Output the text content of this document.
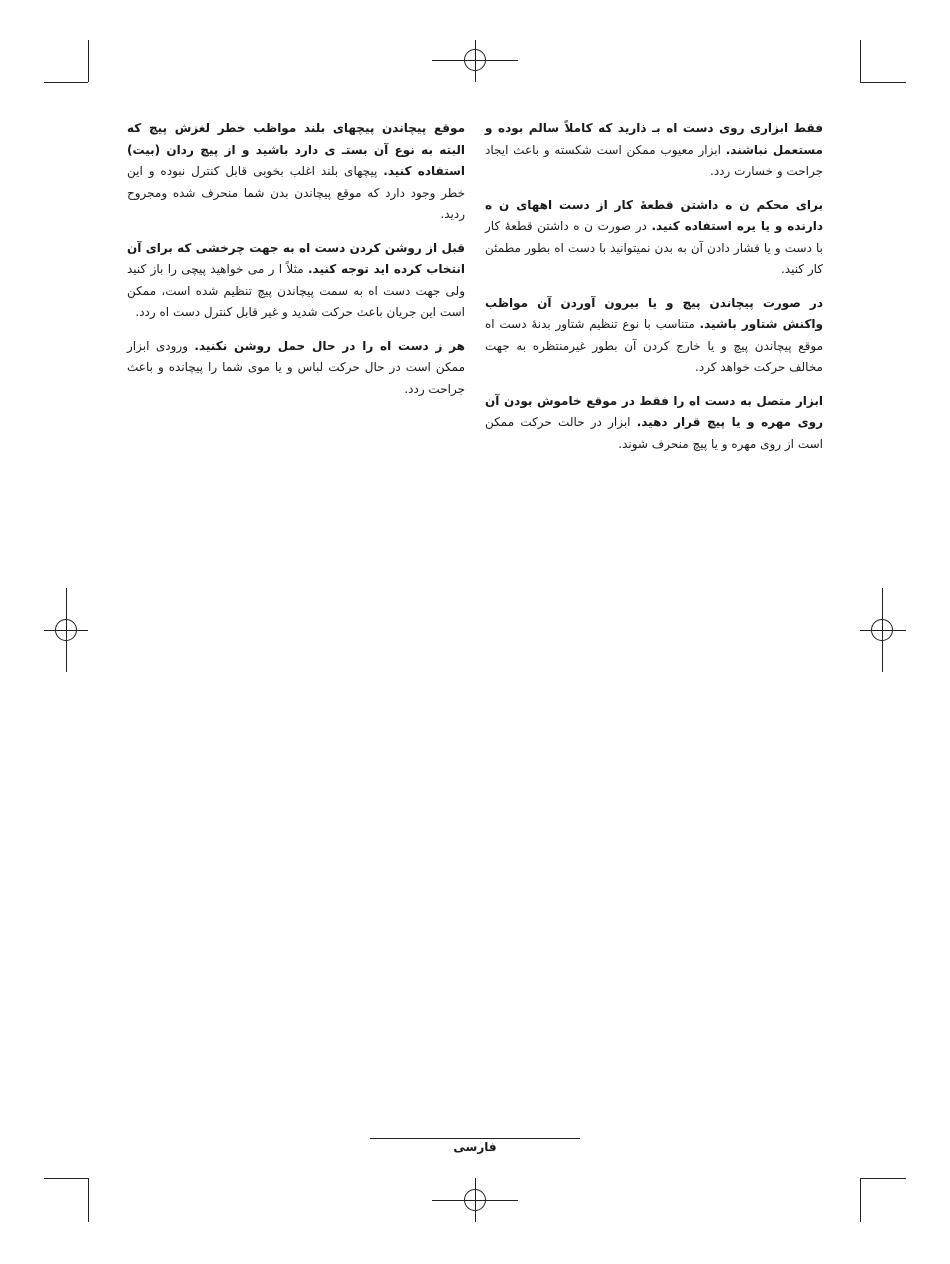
فقط ابزاری روی دست اه بـ ذارید که کاملاً سالم بوده و مستعمل نباشند. ابزار معیوب ممکن است شکسته و باعث ایجاد جراحت و خسارت ردد.

برای محکم ن ه داشتن قطعهٔ کار از دست اههای ن ه دارنده و یا یره استفاده کنید. در صورت ن ه داشتن قطعهٔ کار با دست و یا فشار دادن آن به بدن نمیتوانید با دست اه بطور مطمئن کار کنید.

در صورت پیچاندن پیچ و یا بیرون آوردن آن مواظب واکنش شتاور باشید. متناسب با نوع تنظیم شتاور بدنهٔ دست اه موقع پیچاندن پیچ و یا خارج کردن آن بطور غیرمنتظره به جهت مخالف حرکت خواهد کرد.

ابزار متصل به دست اه را فقط در موقع خاموش بودن آن روی مهره و یا پیچ قرار دهید. ابزار در حالت حرکت ممکن است از روی مهره و یا پیچ منحرف شوند.

موقع پیچاندن پیچهای بلند مواظب خطر لغزش پیچ که البته به نوع آن بستـ ی دارد باشید و از پیچ ردان (بیت) استفاده کنید. پیچهای بلند اغلب بخوبی قابل کنترل نبوده و این خطر وجود دارد که موقع پیچاندن بدن شما منحرف شده ومجروح ردید.

قبل از روشن کردن دست اه به جهت چرخشی که برای آن انتخاب کرده اید توجه کنید. مثلاً ا ر می خواهید پیچی را باز کنید ولی جهت دست اه به سمت پیچاندن پیچ تنظیم شده است، ممکن است این جریان باعث حرکت شدید و غیر قابل کنترل دست اه ردد.

هر ز دست اه را در حال حمل روشن نکنید. ورودی ابزار ممکن است در حال حرکت لباس و یا موی شما را پیچانده و باعث جراحت ردد.

فارسی
